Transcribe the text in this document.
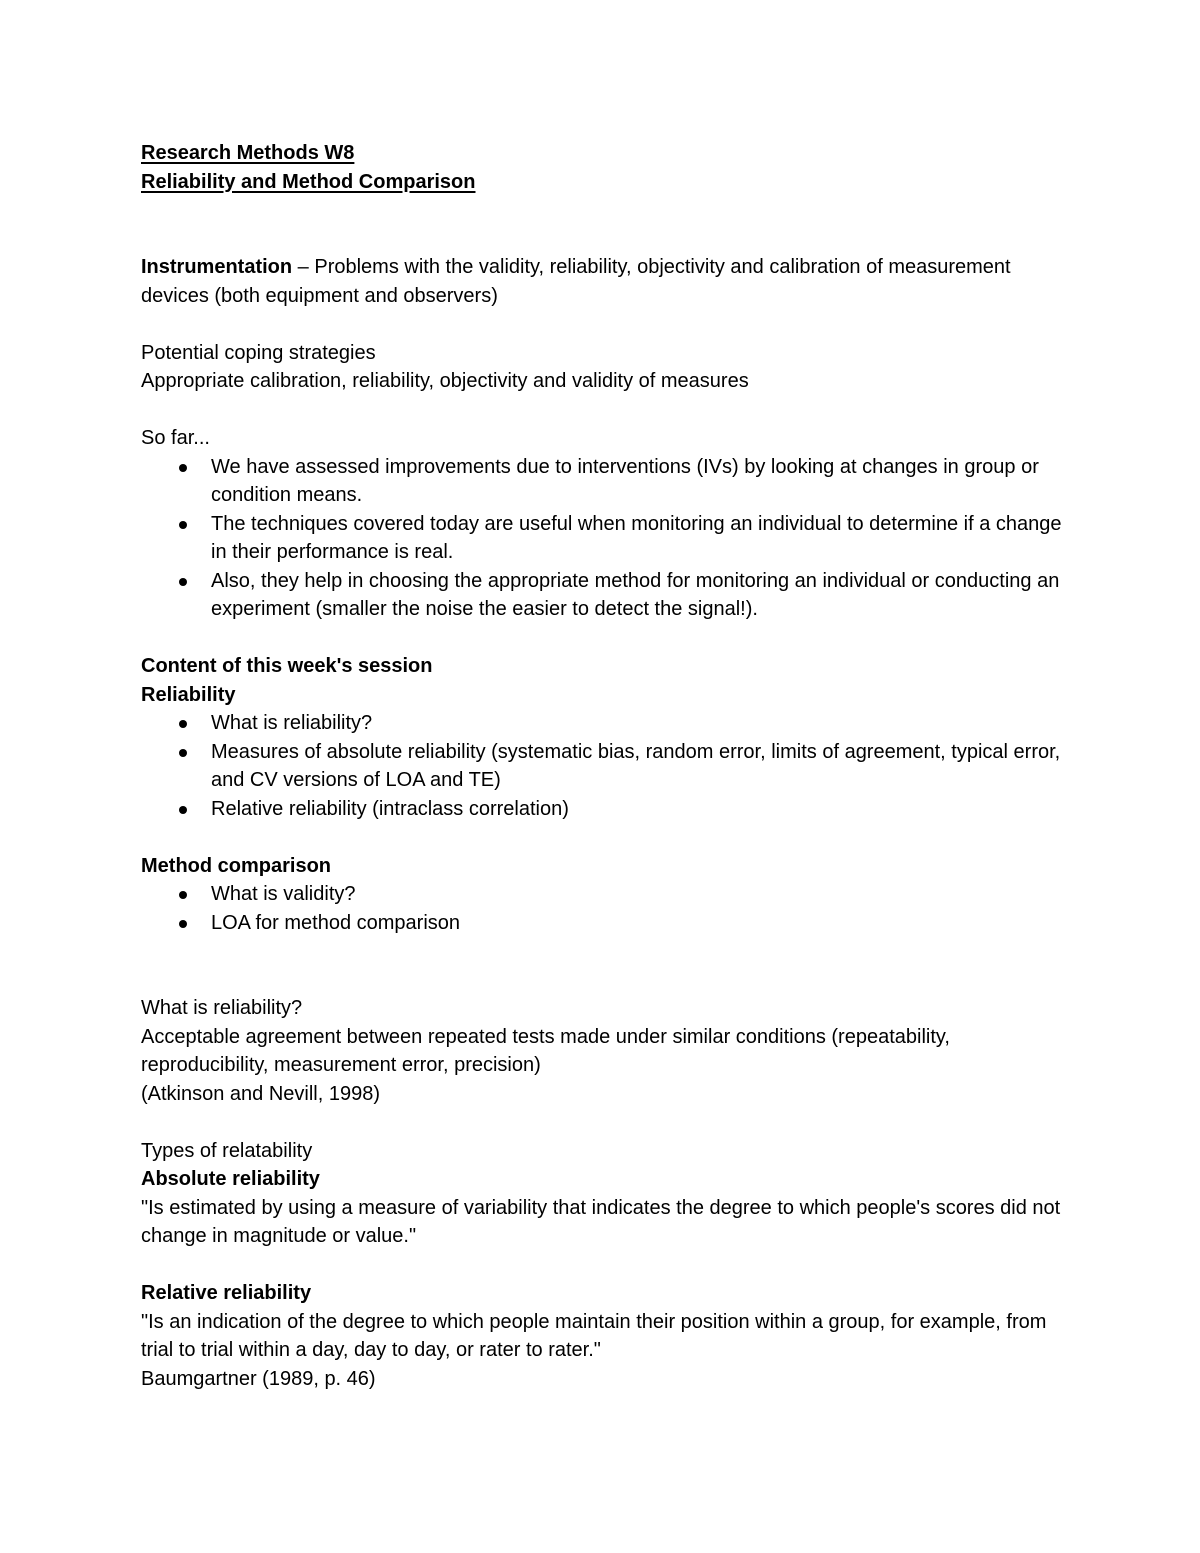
Research Methods W8
Reliability and Method Comparison

Instrumentation – Problems with the validity, reliability, objectivity and calibration of measurement devices (both equipment and observers)

Potential coping strategies
Appropriate calibration, reliability, objectivity and validity of measures
So far...
We have assessed improvements due to interventions (IVs) by looking at changes in group or condition means.
The techniques covered today are useful when monitoring an individual to determine if a change in their performance is real.
Also, they help in choosing the appropriate method for monitoring an individual or conducting an experiment (smaller the noise the easier to detect the signal!).
Content of this week's session
Reliability
What is reliability?
Measures of absolute reliability (systematic bias, random error, limits of agreement, typical error, and CV versions of LOA and TE)
Relative reliability (intraclass correlation)
Method comparison
What is validity?
LOA for method comparison
What is reliability?
Acceptable agreement between repeated tests made under similar conditions (repeatability, reproducibility, measurement error, precision)
(Atkinson and Nevill, 1998)
Types of relatability
Absolute reliability
"Is estimated by using a measure of variability that indicates the degree to which people's scores did not change in magnitude or value."
Relative reliability
"Is an indication of the degree to which people maintain their position within a group, for example, from trial to trial within a day, day to day, or rater to rater."
Baumgartner (1989, p. 46)
